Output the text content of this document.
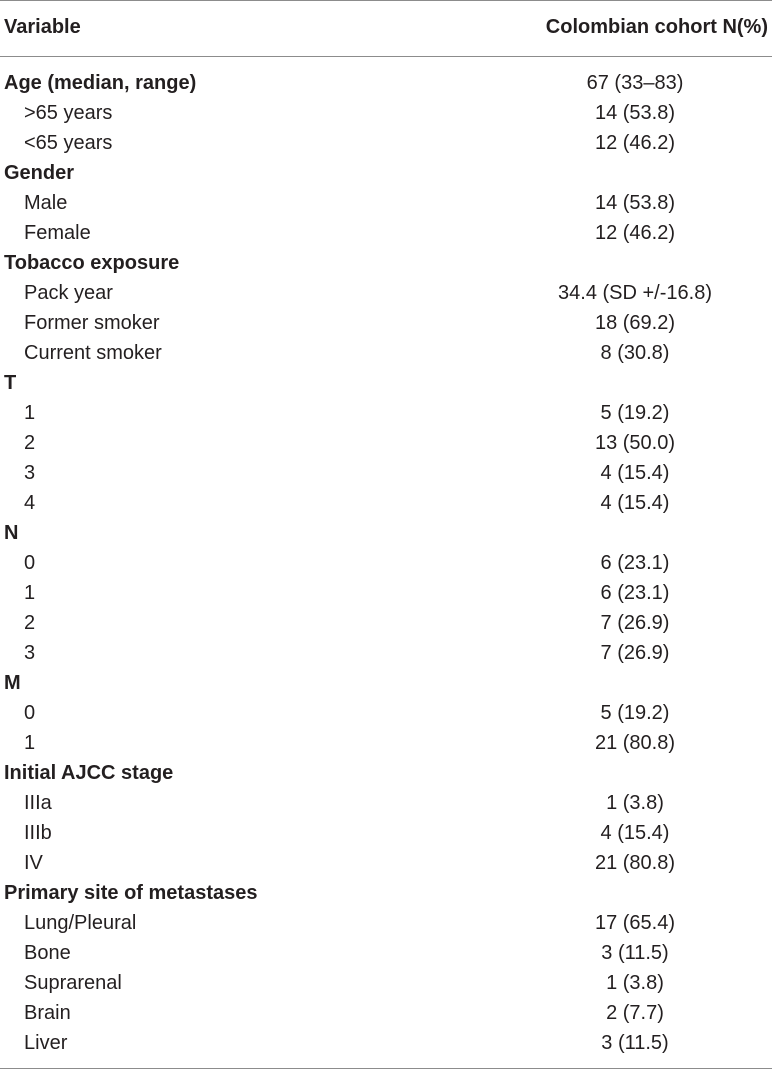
Variable	Colombian cohort N(%)
Age (median, range)	67 (33–83)
>65 years	14 (53.8)
<65 years	12 (46.2)
Gender
Male	14 (53.8)
Female	12 (46.2)
Tobacco exposure
Pack year	34.4 (SD +/-16.8)
Former smoker	18 (69.2)
Current smoker	8 (30.8)
T
1	5 (19.2)
2	13 (50.0)
3	4 (15.4)
4	4 (15.4)
N
0	6 (23.1)
1	6 (23.1)
2	7 (26.9)
3	7 (26.9)
M
0	5 (19.2)
1	21 (80.8)
Initial AJCC stage
IIIa	1 (3.8)
IIIb	4 (15.4)
IV	21 (80.8)
Primary site of metastases
Lung/Pleural	17 (65.4)
Bone	3 (11.5)
Suprarenal	1 (3.8)
Brain	2 (7.7)
Liver	3 (11.5)
